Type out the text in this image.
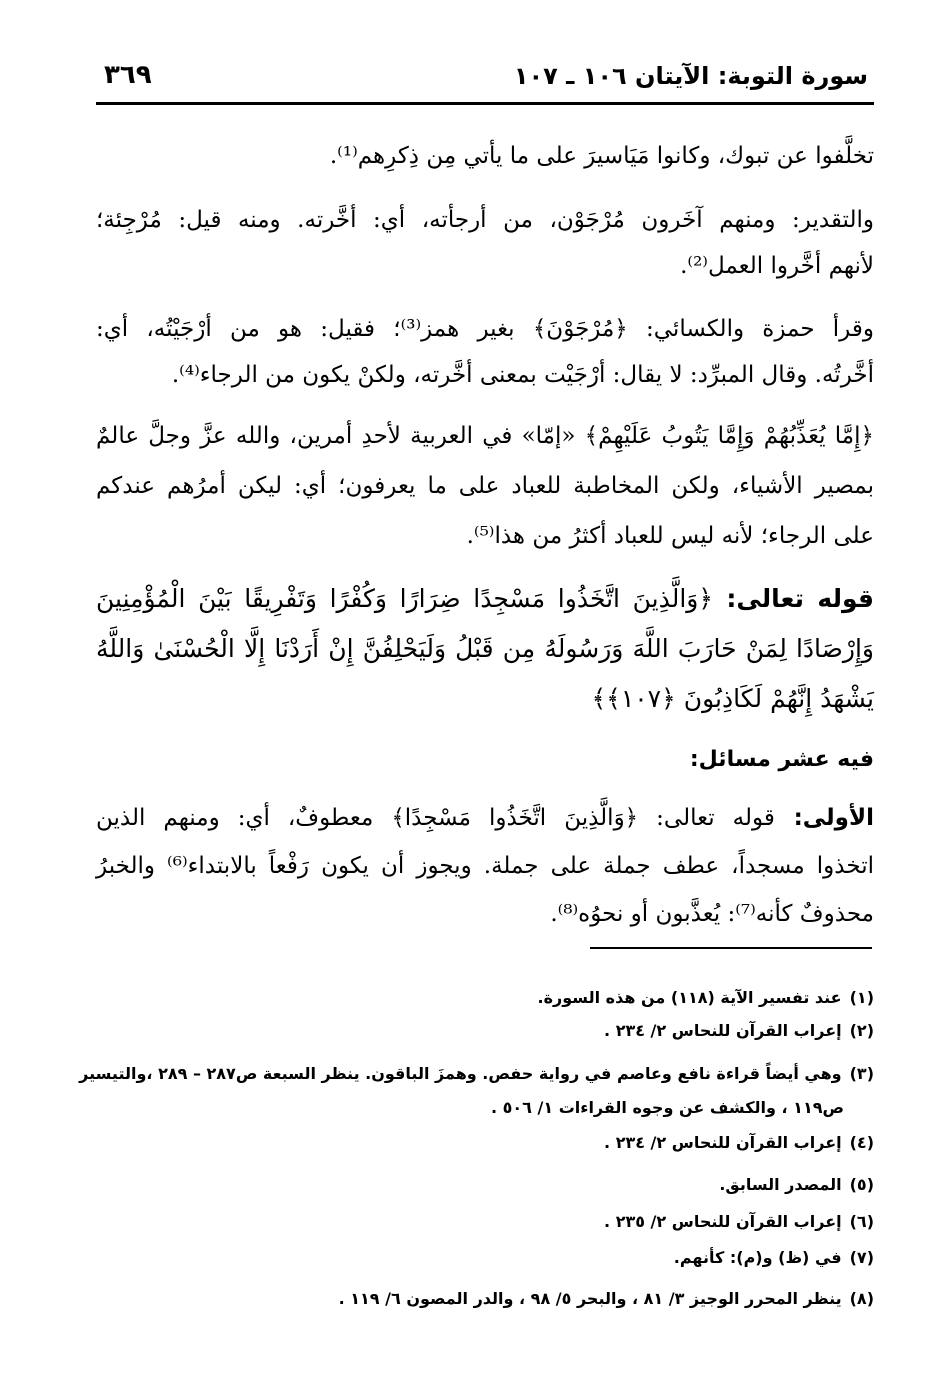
سورة التوبة: الآيتان ١٠٦ ـ ١٠٧
٣٦٩
تخلَّفوا عن تبوك، وكانوا مَيَاسيرَ على ما يأتي مِن ذِكرِهم⁽¹⁾.
والتقدير: ومنهم آخَرون مُرْجَوْن، من أرجأته، أي: أخَّرته. ومنه قيل: مُرْجِئة؛
لأنهم أخَّروا العمل⁽²⁾.
وقرأ حمزة والكسائي: ﴿مُرْجَوْنَ﴾ بغير همز⁽³⁾؛ فقيل: هو من أرْجَيْتُه، أي:
أخَّرتُه. وقال المبرِّد: لا يقال: أرْجَيْت بمعنى أخَّرته، ولكنْ يكون من الرجاء⁽⁴⁾.
﴿إِمَّا يُعَذِّبُهُمْ وَإِمَّا يَتُوبُ عَلَيْهِمْ﴾ «إمّا» في العربية لأحدِ أمرين، والله عزَّ وجلَّ عالمٌ
بمصير الأشياء، ولكن المخاطبة للعباد على ما يعرفون؛ أي: ليكن أمرُهم عندكم
على الرجاء؛ لأنه ليس للعباد أكثرُ من هذا⁽⁵⁾.
قوله تعالى: ﴿وَالَّذِينَ اتَّخَذُوا مَسْجِدًا ضِرَارًا وَكُفْرًا وَتَفْرِيقًا بَيْنَ الْمُؤْمِنِينَ
وَإِرْصَادًا لِمَنْ حَارَبَ اللَّهَ وَرَسُولَهُ مِن قَبْلُ وَلَيَحْلِفُنَّ إِنْ أَرَدْنَا إِلَّا الْحُسْنَىٰ وَاللَّهُ
يَشْهَدُ إِنَّهُمْ لَكَاذِبُونَ ﴿١٠٧﴾﴾
فيه عشر مسائل:
الأولى: قوله تعالى: ﴿وَالَّذِينَ اتَّخَذُوا مَسْجِدًا﴾ معطوفٌ، أي: ومنهم الذين
اتخذوا مسجداً، عطف جملة على جملة. ويجوز أن يكون رَفْعاً بالابتداء⁽⁶⁾ والخبرُ
محذوفٌ كأنه⁽⁷⁾: يُعذَّبون أو نحوُه⁽⁸⁾.
(١)عند تفسير الآية (١١٨) من هذه السورة.
(٢)إعراب القرآن للنحاس ٢/ ٢٣٤ .
(٣)وهي أيضاً قراءة نافع وعاصم في رواية حفص. وهمزَ الباقون. ينظر السبعة ص٢٨٧ – ٢٨٩ ،والتيسير
ص١١٩ ، والكشف عن وجوه القراءات ١/ ٥٠٦ .
(٤)إعراب القرآن للنحاس ٢/ ٢٣٤ .
(٥)المصدر السابق.
(٦)إعراب القرآن للنحاس ٢/ ٢٣٥ .
(٧)في (ظ) و(م): كأنهم.
(٨)ينظر المحرر الوجيز ٣/ ٨١ ، والبحر ٥/ ٩٨ ، والدر المصون ٦/ ١١٩ .
